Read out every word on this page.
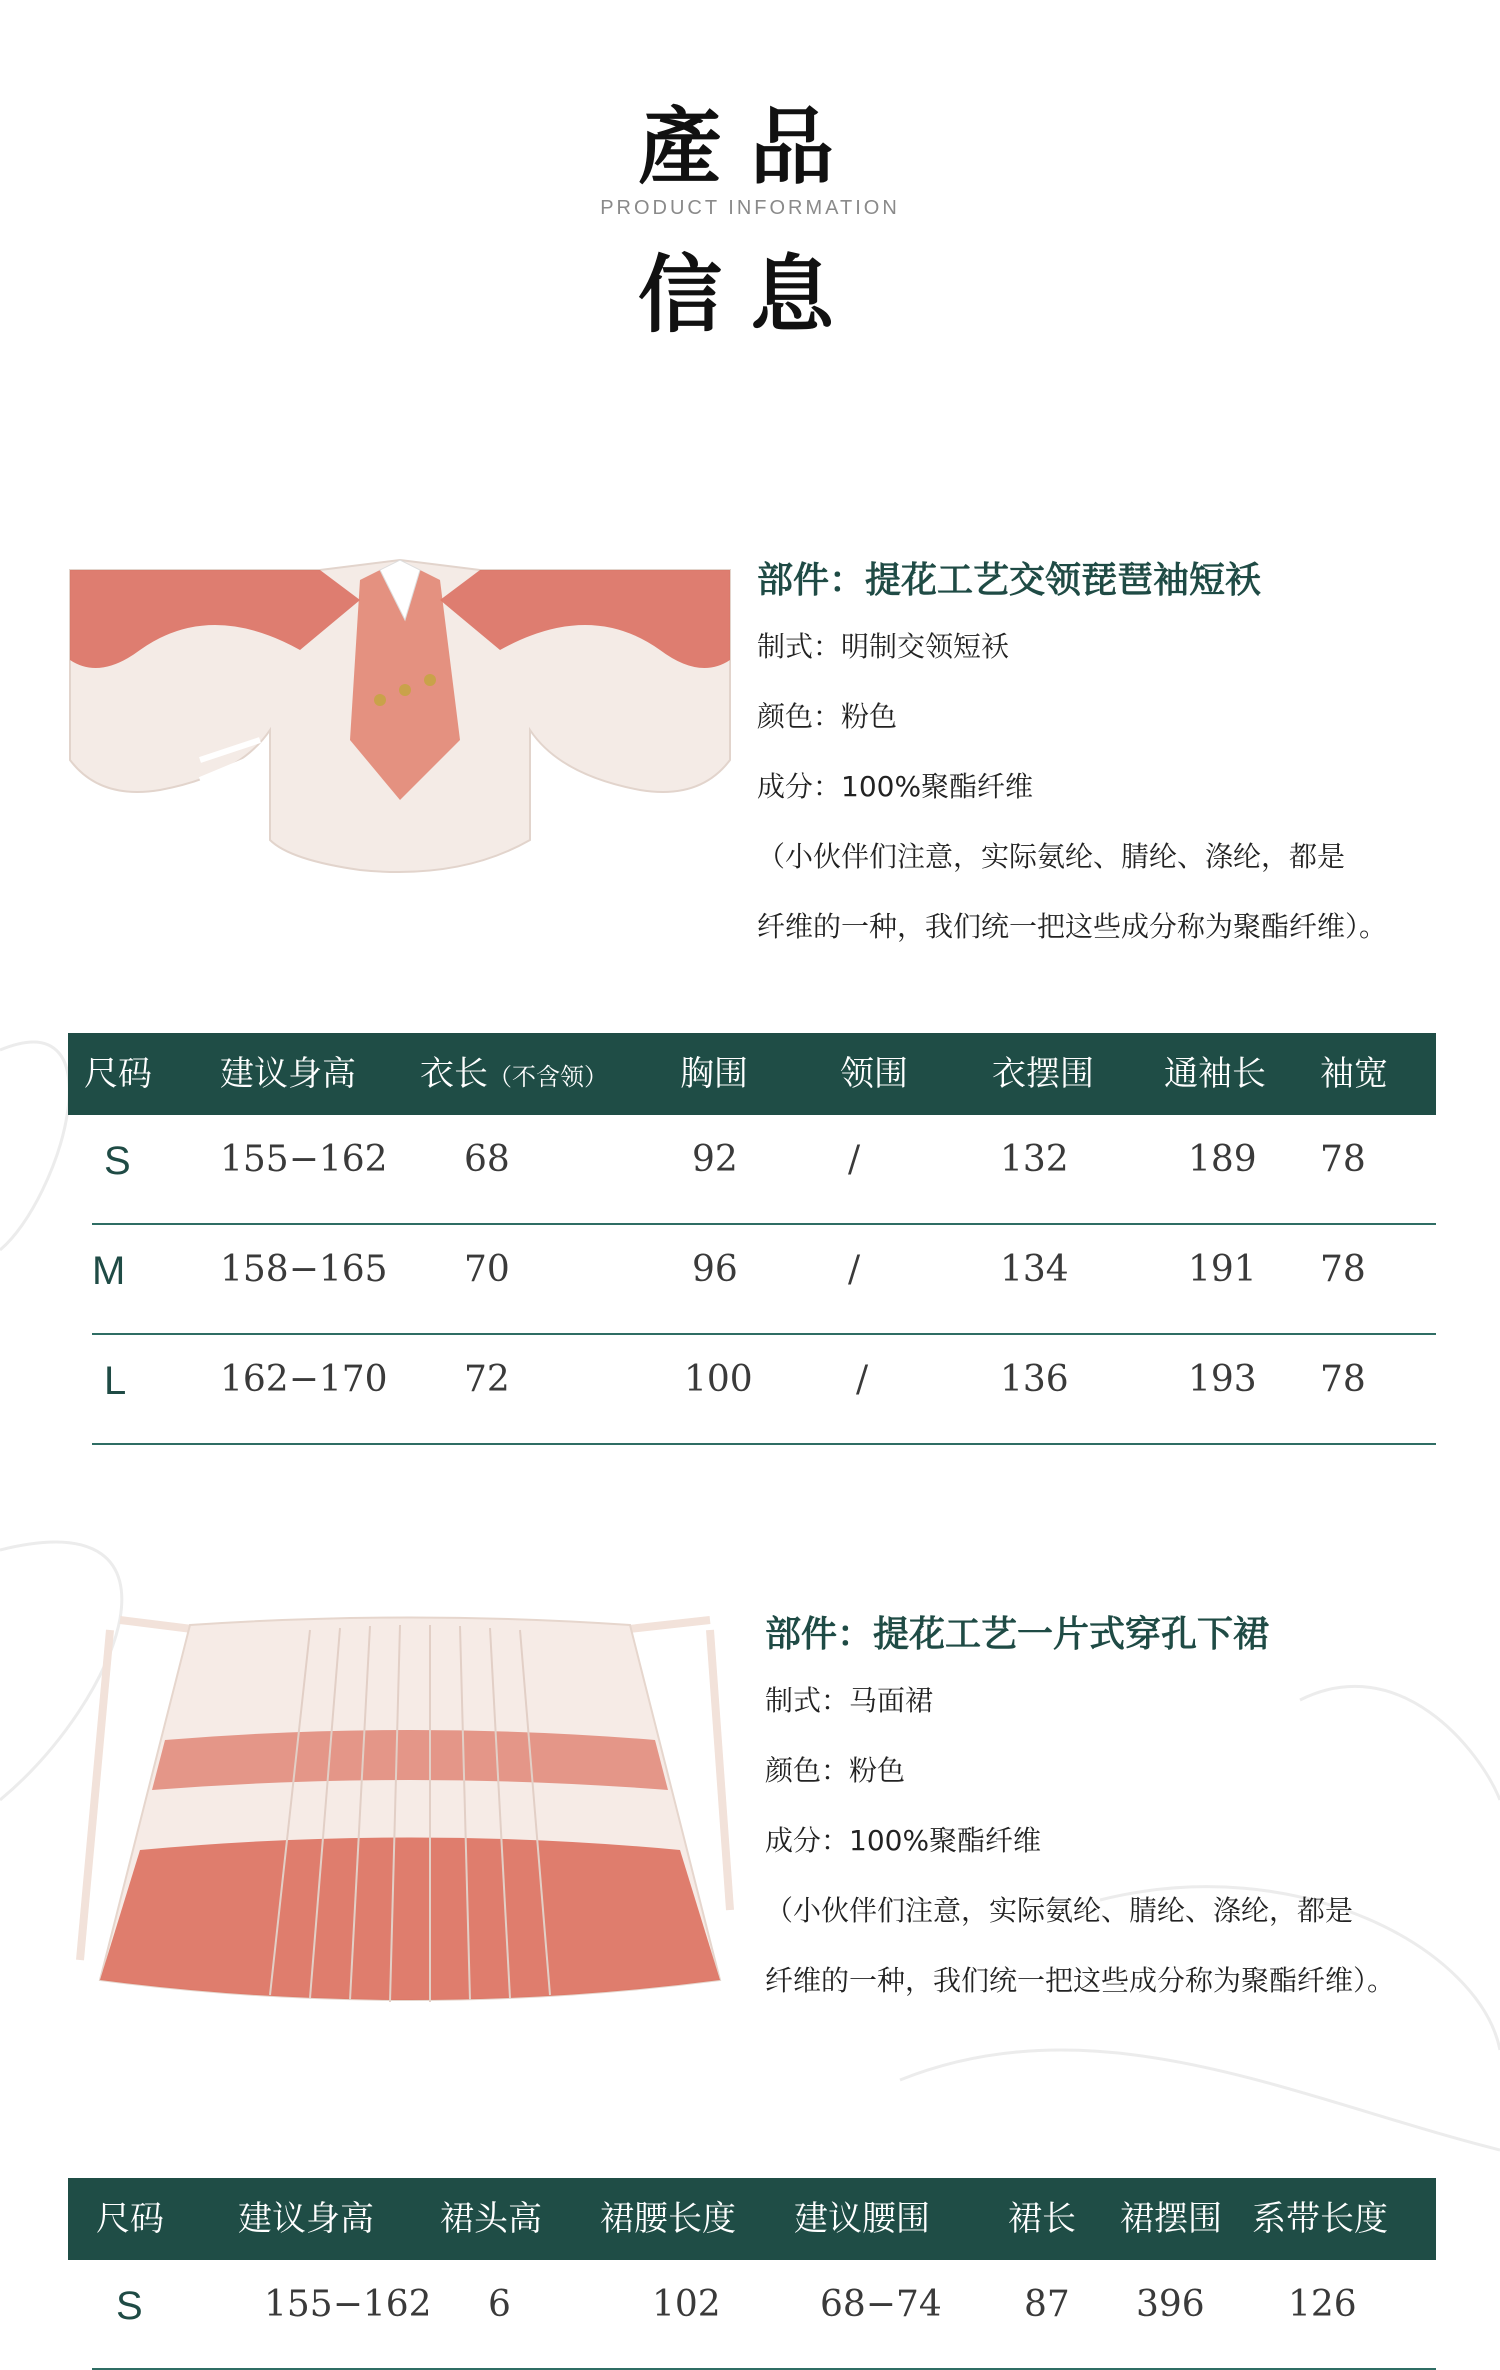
產品
PRODUCT INFORMATION
信息
部件：提花工艺交领琵琶袖短袄
制式：明制交领短袄
颜色：粉色
成分：100%聚酯纤维
（小伙伴们注意，实际氨纶、腈纶、涤纶，都是
纤维的一种，我们统一把这些成分称为聚酯纤维）。
尺码 建议身高 衣长（不含领） 胸围	领围 衣摆围 通袖长 袖宽
S 155−162 68	92	/	132	189 78
M	158−165 70	96	/	134	191 78
L	162−170 72	100	/	136	193 78
部件：提花工艺一片式穿孔下裙
制式：马面裙
颜色：粉色
成分：100%聚酯纤维
（小伙伴们注意，实际氨纶、腈纶、涤纶，都是
纤维的一种，我们统一把这些成分称为聚酯纤维）。
尺码 建议身高 裙头高 裙腰长度 建议腰围 裙长 裙摆围 系带长度
S	155−162 6	102	68−74 87 396 126
